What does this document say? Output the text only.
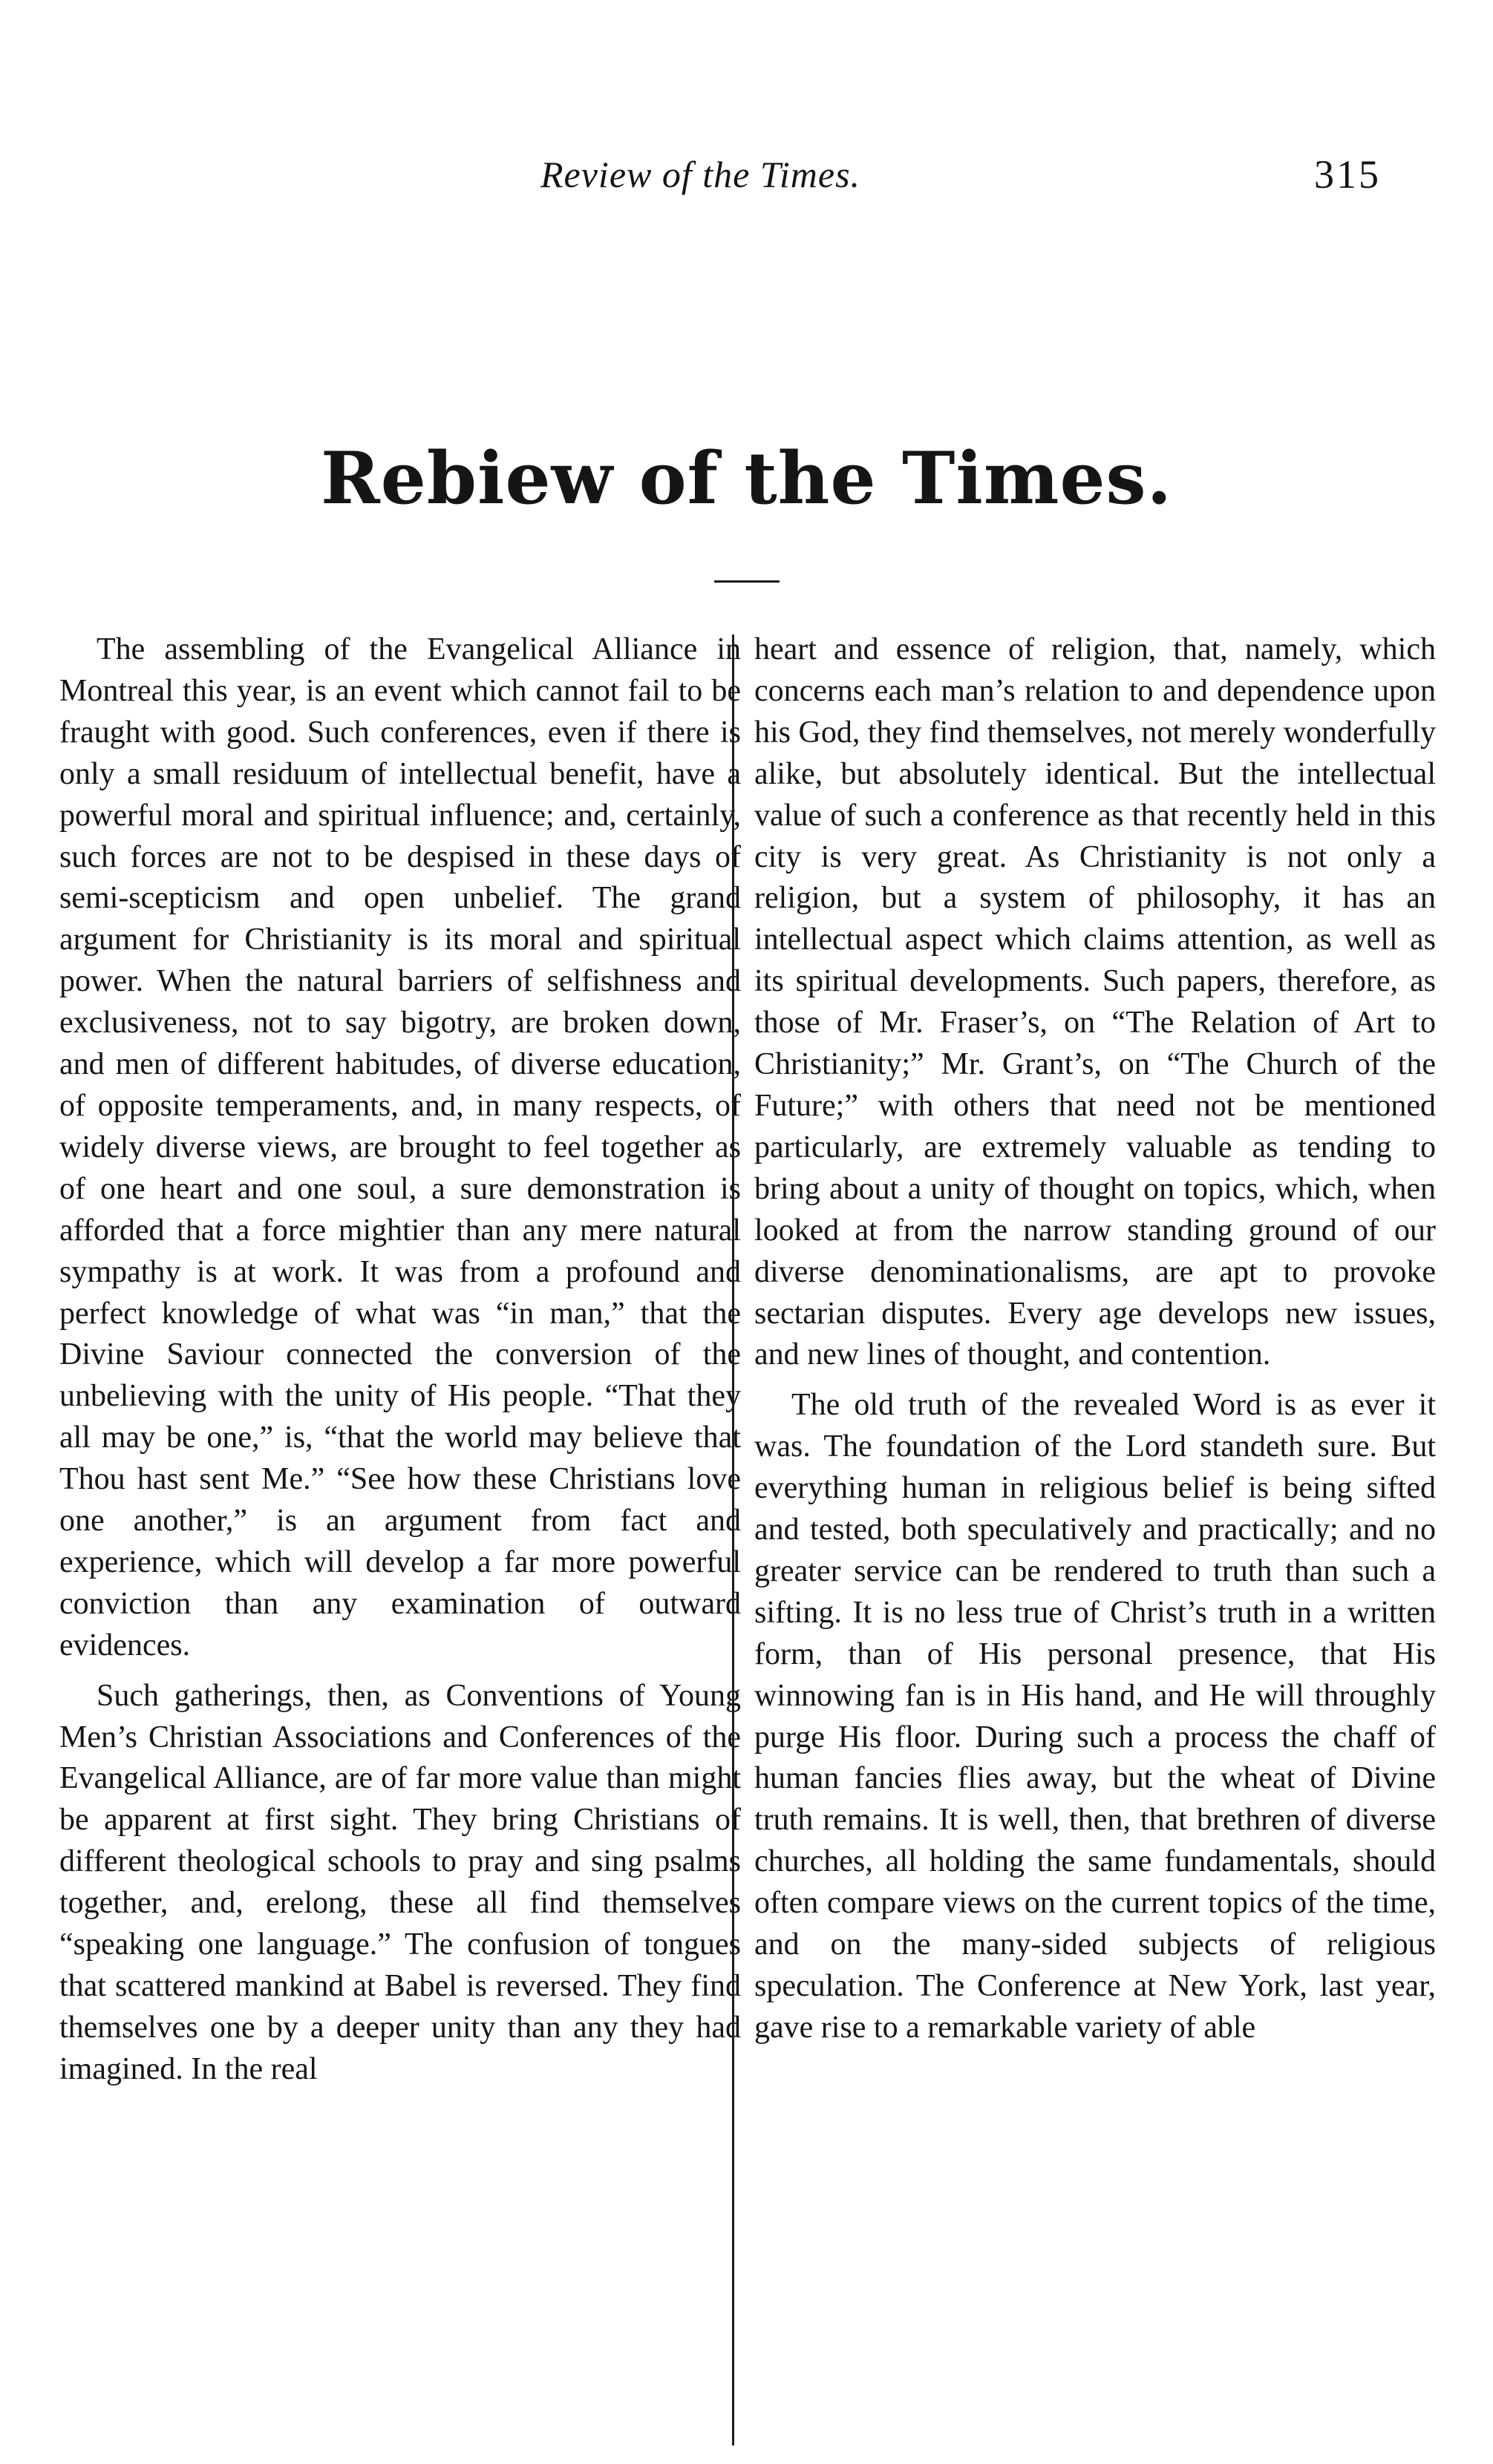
Review of the Times.	315
Rebiew of the Times.

The assembling of the Evangelical Alliance in Montreal this year, is an event which cannot fail to be fraught with good. Such conferences, even if there is only a small residuum of intellectual benefit, have a powerful moral and spiritual influence; and, certainly, such forces are not to be despised in these days of semi-scepticism and open unbelief. The grand argument for Christianity is its moral and spiritual power. When the natural barriers of selfishness and exclusiveness, not to say bigotry, are broken down, and men of different habitudes, of diverse education, of opposite temperaments, and, in many respects, of widely diverse views, are brought to feel together as of one heart and one soul, a sure demonstration is afforded that a force mightier than any mere natural sympathy is at work. It was from a profound and perfect knowledge of what was “in man,” that the Divine Saviour connected the conversion of the unbelieving with the unity of His people. “That they all may be one,” is, “that the world may believe that Thou hast sent Me.” “See how these Christians love one another,” is an argument from fact and experience, which will develop a far more powerful conviction than any examination of outward evidences.

Such gatherings, then, as Conventions of Young Men’s Christian Associations and Conferences of the Evangelical Alliance, are of far more value than might be apparent at first sight. They bring Christians of different theological schools to pray and sing psalms together, and, erelong, these all find themselves “speaking one language.” The confusion of tongues that scattered mankind at Babel is reversed. They find themselves one by a deeper unity than any they had imagined. In the real

heart and essence of religion, that, namely, which concerns each man’s relation to and dependence upon his God, they find themselves, not merely wonderfully alike, but absolutely identical. But the intellectual value of such a conference as that recently held in this city is very great. As Christianity is not only a religion, but a system of philosophy, it has an intellectual aspect which claims attention, as well as its spiritual developments. Such papers, therefore, as those of Mr. Fraser’s, on “The Relation of Art to Christianity;” Mr. Grant’s, on “The Church of the Future;” with others that need not be mentioned particularly, are extremely valuable as tending to bring about a unity of thought on topics, which, when looked at from the narrow standing ground of our diverse denominationalisms, are apt to provoke sectarian disputes. Every age develops new issues, and new lines of thought, and contention.

The old truth of the revealed Word is as ever it was. The foundation of the Lord standeth sure. But everything human in religious belief is being sifted and tested, both speculatively and practically; and no greater service can be rendered to truth than such a sifting. It is no less true of Christ’s truth in a written form, than of His personal presence, that His winnowing fan is in His hand, and He will throughly purge His floor. During such a process the chaff of human fancies flies away, but the wheat of Divine truth remains. It is well, then, that brethren of diverse churches, all holding the same fundamentals, should often compare views on the current topics of the time, and on the many-sided subjects of religious speculation. The Conference at New York, last year, gave rise to a remarkable variety of able
